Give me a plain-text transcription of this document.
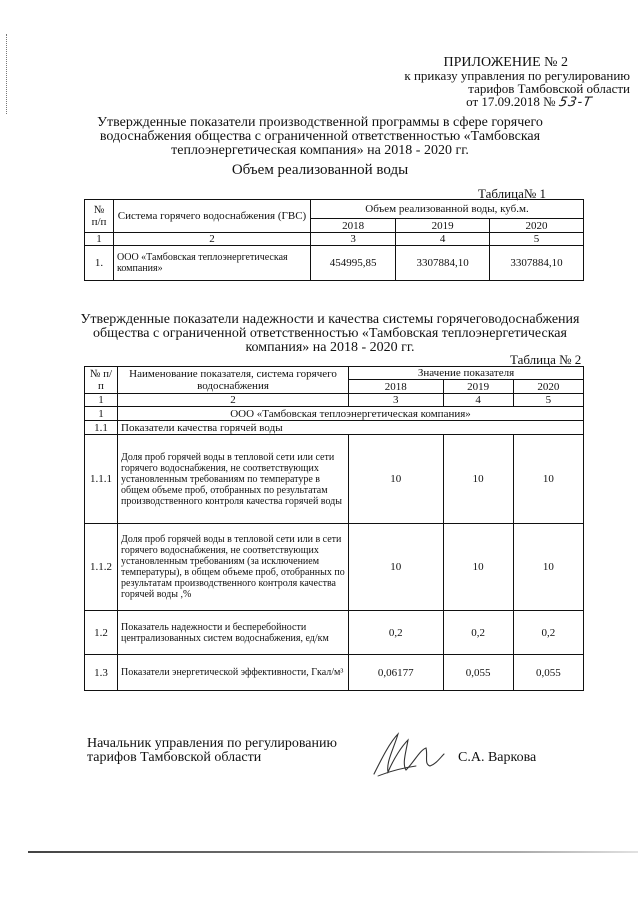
ПРИЛОЖЕНИЕ № 2
к приказу управления по регулированию
тарифов Тамбовской области
от 17.09.2018 № 53-Т
Утвержденные показатели производственной программы в сфере горячего водоснабжения общества с ограниченной ответственностью «Тамбовская теплоэнергетическая компания» на 2018 - 2020 гг.
Объем реализованной воды
Таблица№ 1
№ п/п	Система горячего водоснабжения (ГВС)	Объем реализованной воды, куб.м.		
		2018	2019	2020
1	2	3	4	5
1.	ООО «Тамбовская теплоэнергетическая компания»	454995,85	3307884,10	3307884,10
Утвержденные показатели надежности и качества системы горячеговодоснабжения общества с ограниченной ответственностью «Тамбовская теплоэнергетическая компания» на 2018 - 2020 гг.
Таблица № 2
№ п/п	Наименование показателя, система горячего водоснабжения	Значение показателя		
		2018	2019	2020
1	2	3	4	5
1	ООО «Тамбовская теплоэнергетическая компания»			
1.1	Показатели качества горячей воды			
1.1.1	Доля проб горячей воды в тепловой сети или сети горячего водоснабжения, не соответствующих установленным требованиям по температуре в общем объеме проб, отобранных по результатам производственного контроля качества горячей воды	10	10	10
1.1.2	Доля проб горячей воды в тепловой сети или в сети горячего водоснабжения, не соответствующих установленным требованиям (за исключением температуры), в общем объеме проб, отобранных по результатам производственного контроля качества горячей воды ,%	10	10	10
1.2	Показатель надежности и бесперебойности централизованных систем водоснабжения, ед/км	0,2	0,2	0,2
1.3	Показатели энергетической эффективности, Гкал/м³	0,06177	0,055	0,055
Начальник управления по регулированию
тарифов Тамбовской области	С.А. Варкова
